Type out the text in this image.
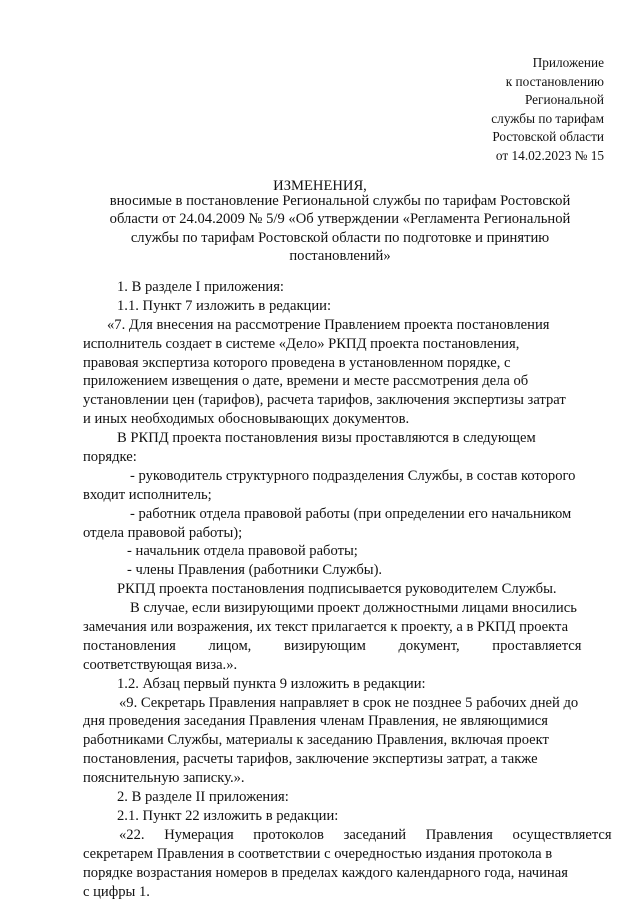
Приложение
к постановлению
Региональной
службы по тарифам
Ростовской области
от 14.02.2023 № 15
ИЗМЕНЕНИЯ,
вносимые в постановление Региональной службы по тарифам Ростовской
области от 24.04.2009 № 5/9 «Об утверждении «Регламента Региональной
службы по тарифам Ростовской области по подготовке и принятию
постановлений»
1. В разделе I приложения:
1.1. Пункт 7 изложить в редакции:
«7. Для внесения на рассмотрение Правлением проекта постановления
исполнитель создает в системе «Дело» РКПД проекта постановления,
правовая экспертиза которого проведена в установленном порядке, с
приложением извещения о дате, времени и месте рассмотрения дела об
установлении цен (тарифов), расчета тарифов, заключения экспертизы затрат
и иных необходимых обосновывающих документов.
В РКПД проекта постановления визы проставляются в следующем
порядке:
- руководитель структурного подразделения Службы, в состав которого
входит исполнитель;
- работник отдела правовой работы (при определении его начальником
отдела правовой работы);
- начальник отдела правовой работы;
- члены Правления (работники Службы).
РКПД проекта постановления подписывается руководителем Службы.
В случае, если визирующими проект должностными лицами вносились
замечания или возражения, их текст прилагается к проекту, а в РКПД проекта
постановления лицом, визирующим документ, проставляется
соответствующая виза.».
1.2. Абзац первый пункта 9 изложить в редакции:
«9. Секретарь Правления направляет в срок не позднее 5 рабочих дней до
дня проведения заседания Правления членам Правления, не являющимися
работниками Службы, материалы к заседанию Правления, включая проект
постановления, расчеты тарифов, заключение экспертизы затрат, а также
пояснительную записку.».
2. В разделе II приложения:
2.1. Пункт 22 изложить в редакции:
«22. Нумерация протоколов заседаний Правления осуществляется
секретарем Правления в соответствии с очередностью издания протокола в
порядке возрастания номеров в пределах каждого календарного года, начиная
с цифры 1.
